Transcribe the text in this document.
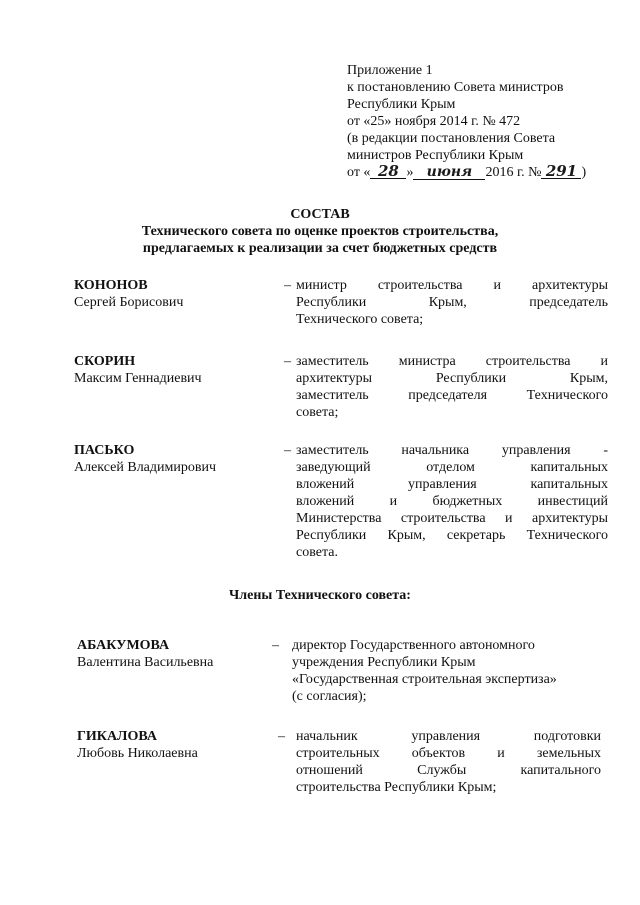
Приложение 1
к постановлению Совета министров
Республики Крым
от «25» ноября 2014 г. № 472
(в редакции постановления Совета
министров Республики Крым
от « 28 » июня 2016 г. № 291 )
СОСТАВ
Технического совета по оценке проектов строительства,
предлагаемых к реализации за счет бюджетных средств
КОНОНОВ
Сергей Борисович
– министр строительства и архитектуры
Республики Крым, председатель
Технического совета;
СКОРИН
Максим Геннадиевич
– заместитель министра строительства и
архитектуры Республики Крым,
заместитель председателя Технического
совета;
ПАСЬКО
Алексей Владимирович
– заместитель начальника управления -
заведующий отделом капитальных
вложений управления капитальных
вложений и бюджетных инвестиций
Министерства строительства и архитектуры
Республики Крым, секретарь Технического
совета.
Члены Технического совета:
АБАКУМОВА
Валентина Васильевна
– директор Государственного автономного
учреждения Республики Крым
«Государственная строительная экспертиза»
(с согласия);
ГИКАЛОВА
Любовь Николаевна
– начальник управления подготовки
строительных объектов и земельных
отношений Службы капитального
строительства Республики Крым;
